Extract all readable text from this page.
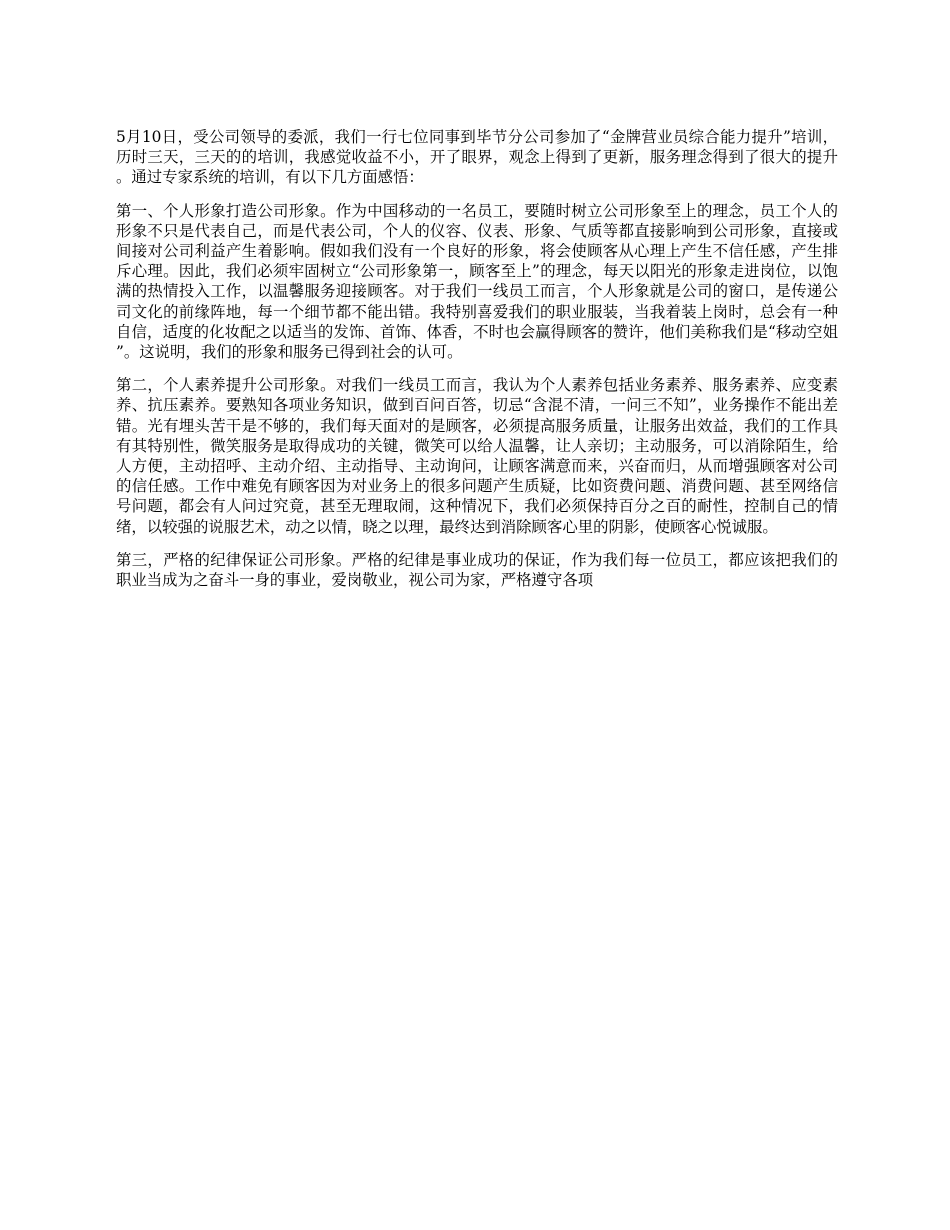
5月10日，受公司领导的委派，我们一行七位同事到毕节分公司参加了“金牌营业员综合能力提升”培训，历时三天，三天的的培训，我感觉收益不小，开了眼界，观念上得到了更新，服务理念得到了很大的提升。通过专家系统的培训，有以下几方面感悟：

第一、个人形象打造公司形象。作为中国移动的一名员工，要随时树立公司形象至上的理念，员工个人的形象不只是代表自己，而是代表公司，个人的仪容、仪表、形象、气质等都直接影响到公司形象，直接或间接对公司利益产生着影响。假如我们没有一个良好的形象，将会使顾客从心理上产生不信任感，产生排斥心理。因此，我们必须牢固树立“公司形象第一，顾客至上”的理念，每天以阳光的形象走进岗位，以饱满的热情投入工作，以温馨服务迎接顾客。对于我们一线员工而言，个人形象就是公司的窗口，是传递公司文化的前缘阵地，每一个细节都不能出错。我特别喜爱我们的职业服装，当我着装上岗时，总会有一种自信，适度的化妆配之以适当的发饰、首饰、体香，不时也会赢得顾客的赞许，他们美称我们是“移动空姐”。这说明，我们的形象和服务已得到社会的认可。

第二，个人素养提升公司形象。对我们一线员工而言，我认为个人素养包括业务素养、服务素养、应变素养、抗压素养。要熟知各项业务知识，做到百问百答，切忌“含混不清，一问三不知”，业务操作不能出差错。光有埋头苦干是不够的，我们每天面对的是顾客，必须提高服务质量，让服务出效益，我们的工作具有其特别性，微笑服务是取得成功的关键，微笑可以给人温馨，让人亲切；主动服务，可以消除陌生，给人方便，主动招呼、主动介绍、主动指导、主动询问，让顾客满意而来，兴奋而归，从而增强顾客对公司的信任感。工作中难免有顾客因为对业务上的很多问题产生质疑，比如资费问题、消费问题、甚至网络信号问题，都会有人问过究竟，甚至无理取闹，这种情况下，我们必须保持百分之百的耐性，控制自己的情绪，以较强的说服艺术，动之以情，晓之以理，最终达到消除顾客心里的阴影，使顾客心悦诚服。

第三，严格的纪律保证公司形象。严格的纪律是事业成功的保证，作为我们每一位员工，都应该把我们的职业当成为之奋斗一身的事业，爱岗敬业，视公司为家，严格遵守各项
